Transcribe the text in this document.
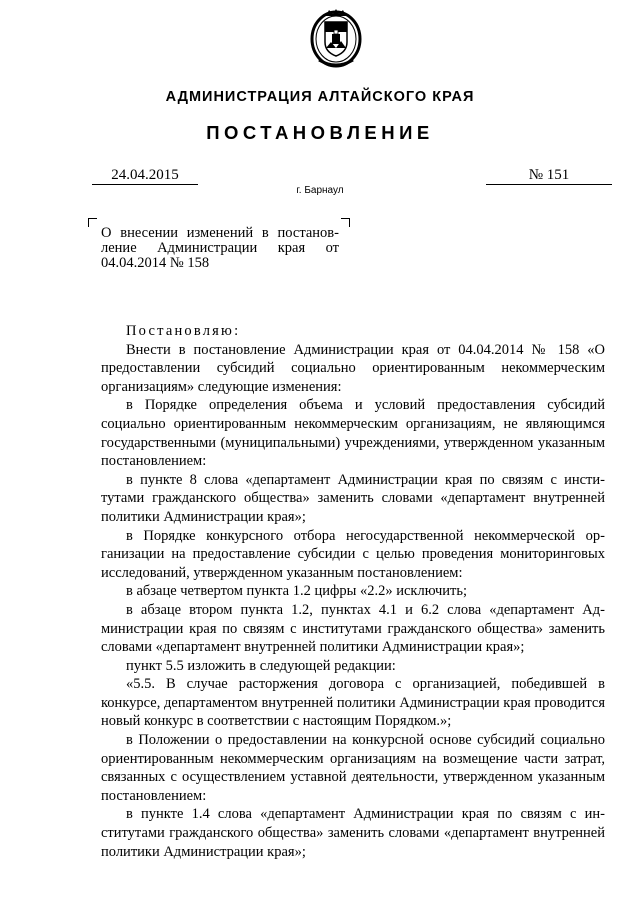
АДМИНИСТРАЦИЯ АЛТАЙСКОГО КРАЯ
ПОСТАНОВЛЕНИЕ
24.04.2015	№ 151
г. Барнаул
О внесении изменений в постановление Администрации края от 04.04.2014 № 158

Постановляю:

Внести в постановление Администрации края от 04.04.2014 № 158 «О предоставлении субсидий социально ориентированным некоммерческим организациям» следующие изменения:

в Порядке определения объема и условий предоставления субсидий социально ориентированным некоммерческим организациям, не являющимся государственными (муниципальными) учреждениями, утвержденном указанным постановлением:

в пункте 8 слова «департамент Администрации края по связям с институтами гражданского общества» заменить словами «департамент внутренней политики Администрации края»;

в Порядке конкурсного отбора негосударственной некоммерческой организации на предоставление субсидии с целью проведения мониторинговых исследований, утвержденном указанным постановлением:

в абзаце четвертом пункта 1.2 цифры «2.2» исключить;

в абзаце втором пункта 1.2, пунктах 4.1 и 6.2 слова «департамент Администрации края по связям с институтами гражданского общества» заменить словами «департамент внутренней политики Администрации края»;

пункт 5.5 изложить в следующей редакции:

«5.5. В случае расторжения договора с организацией, победившей в конкурсе, департаментом внутренней политики Администрации края проводится новый конкурс в соответствии с настоящим Порядком.»;

в Положении о предоставлении на конкурсной основе субсидий социально ориентированным некоммерческим организациям на возмещение части затрат, связанных с осуществлением уставной деятельности, утвержденном указанным постановлением:

в пункте 1.4 слова «департамент Администрации края по связям с институтами гражданского общества» заменить словами «департамент внутренней политики Администрации края»;
